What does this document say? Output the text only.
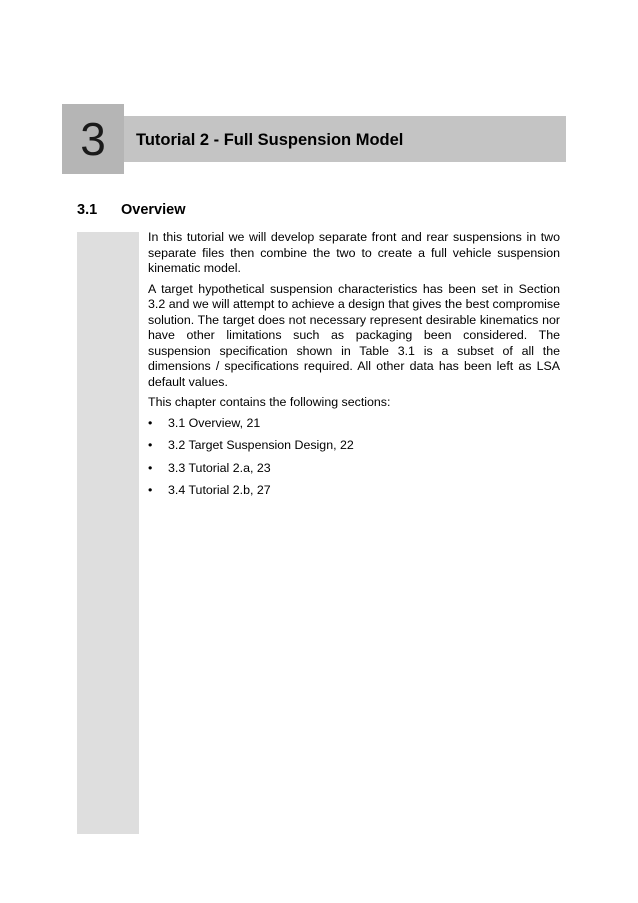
3	Tutorial 2 - Full Suspension Model
3.1 Overview

In this tutorial we will develop separate front and rear suspensions in two separate files then combine the two to create a full vehicle suspension kinematic model.

A target hypothetical suspension characteristics has been set in Section 3.2 and we will attempt to achieve a design that gives the best compromise solution. The target does not necessary represent desirable kinematics nor have other limitations such as packaging been considered. The suspension specification shown in Table 3.1 is a subset of all the dimensions / specifications required. All other data has been left as LSA default values.

This chapter contains the following sections:

• 3.1 Overview, 21
• 3.2 Target Suspension Design, 22
• 3.3 Tutorial 2.a, 23
• 3.4 Tutorial 2.b, 27
